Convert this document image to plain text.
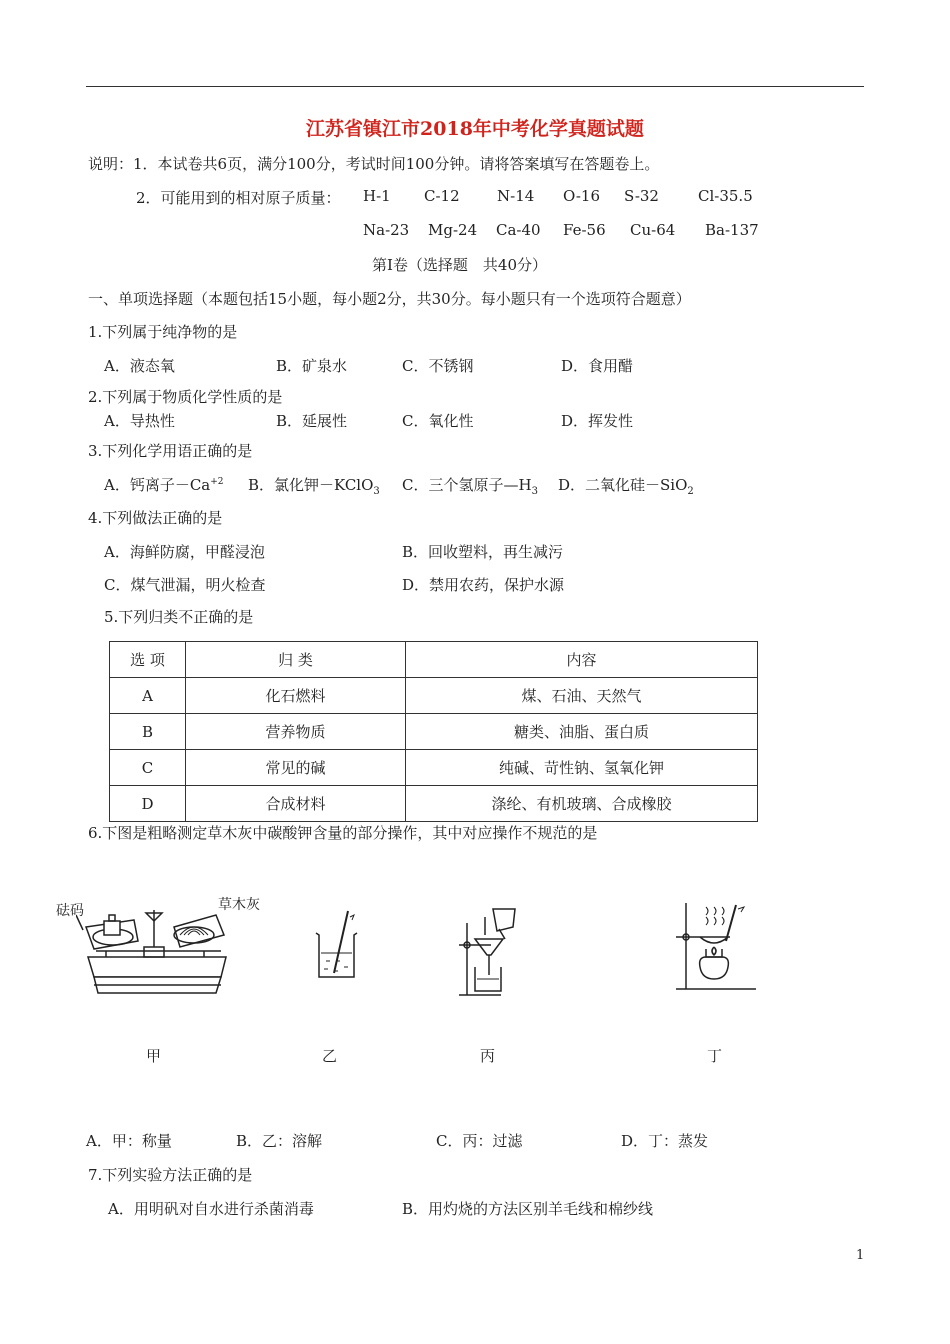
江苏省镇江市2018年中考化学真题试题
说明：1．本试卷共6页，满分100分，考试时间100分钟。请将答案填写在答题卷上。
2．可能用到的相对原子质量： H-1 C-12 N-14 O-16 S-32	Cl-35.5
Na-23 Mg-24 Ca-40 Fe-56 Cu-64 Ba-137
第Ⅰ卷（选择题　共40分）
一、单项选择题（本题包括15小题，每小题2分，共30分。每小题只有一个选项符合题意）
1.下列属于纯净物的是
A．液态氧	B．矿泉水	C．不锈钢	D．食用醋
2.下列属于物质化学性质的是
A．导热性	B．延展性	C．氧化性	D．挥发性
3.下列化学用语正确的是
A．钙离子$-Ca^{+2}$ B．氯化钾－KClO$_3$ C．三个氢原子$—H_3$ D．二氧化硅－SiO$_2$
4.下列做法正确的是
A．海鲜防腐，甲醛浸泡	B．回收塑料，再生减污
C．煤气泄漏，明火检查	D．禁用农药，保护水源
5.下列归类不正确的是
选 项	归 类	内容
A	化石燃料	煤、石油、天然气
B	营养物质	糖类、油脂、蛋白质
C	常见的碱	纯碱、苛性钠、氢氧化钾
D	合成材料	涤纶、有机玻璃、合成橡胶
6.下图是粗略测定草木灰中碳酸钾含量的部分操作，其中对应操作不规范的是
砝码	草木灰
甲	乙	丙	丁
A．甲：称量	B．乙：溶解	C．丙：过滤	D．丁：蒸发
7.下列实验方法正确的是
A．用明矾对自水进行杀菌消毒	B．用灼烧的方法区别羊毛线和棉纱线
1
